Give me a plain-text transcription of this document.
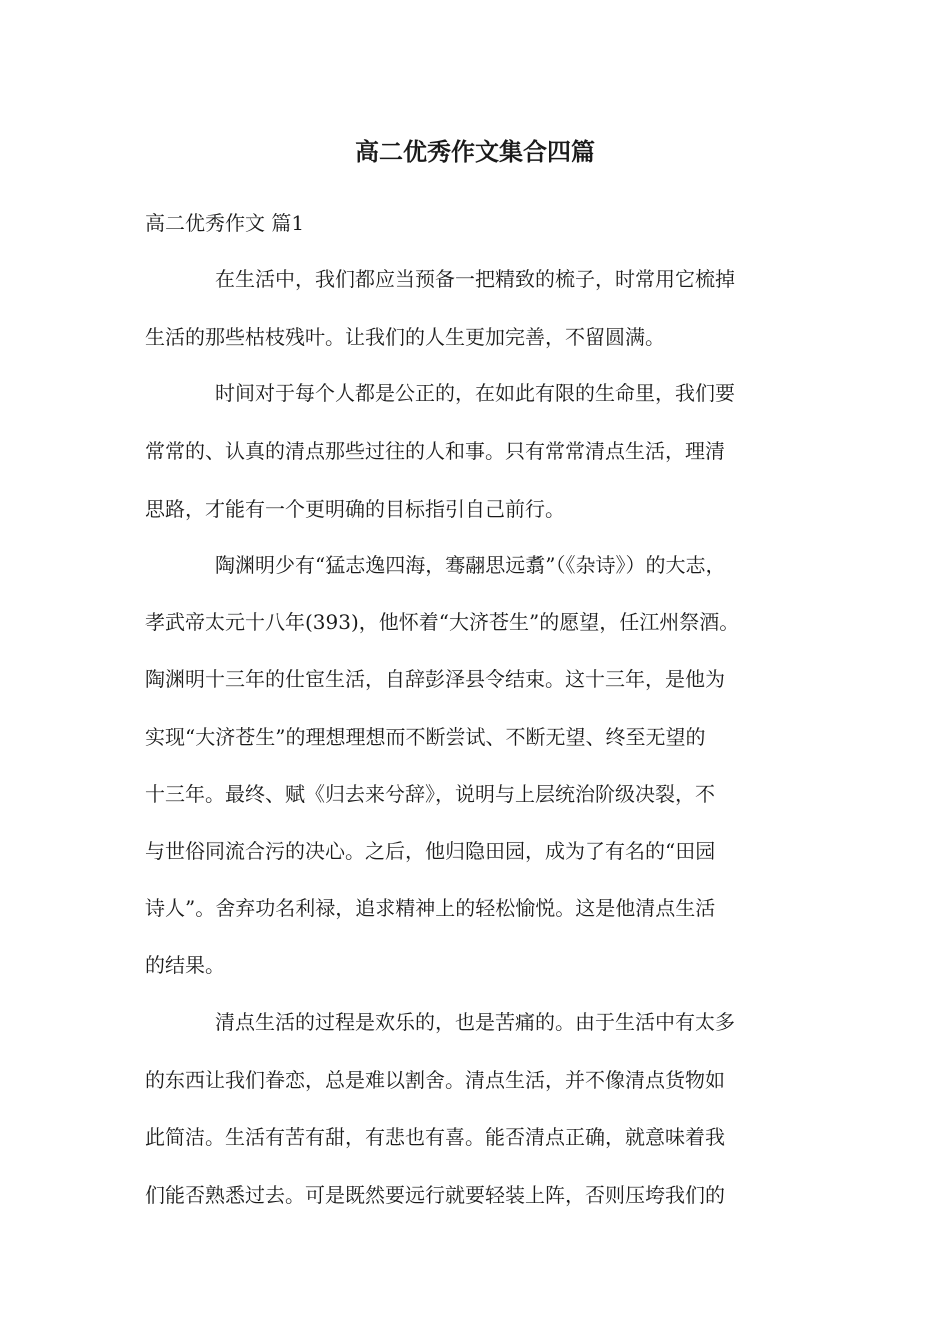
高二优秀作文集合四篇
高二优秀作文 篇1

在生活中，我们都应当预备一把精致的梳子，时常用它梳掉

生活的那些枯枝残叶。让我们的人生更加完善，不留圆满。

时间对于每个人都是公正的，在如此有限的生命里，我们要

常常的、认真的清点那些过往的人和事。只有常常清点生活，理清

思路，才能有一个更明确的目标指引自己前行。

陶渊明少有“猛志逸四海，骞翮思远翥”（《杂诗》）的大志，

孝武帝太元十八年(393)，他怀着“大济苍生”的愿望，任江州祭酒。

陶渊明十三年的仕宦生活，自辞彭泽县令结束。这十三年，是他为

实现“大济苍生”的理想理想而不断尝试、不断无望、终至无望的

十三年。最终、赋《归去来兮辞》，说明与上层统治阶级决裂，不

与世俗同流合污的决心。之后，他归隐田园，成为了有名的“田园

诗人”。舍弃功名利禄，追求精神上的轻松愉悦。这是他清点生活

的结果。

清点生活的过程是欢乐的，也是苦痛的。由于生活中有太多

的东西让我们眷恋，总是难以割舍。清点生活，并不像清点货物如

此简洁。生活有苦有甜，有悲也有喜。能否清点正确，就意味着我

们能否熟悉过去。可是既然要远行就要轻装上阵，否则压垮我们的
